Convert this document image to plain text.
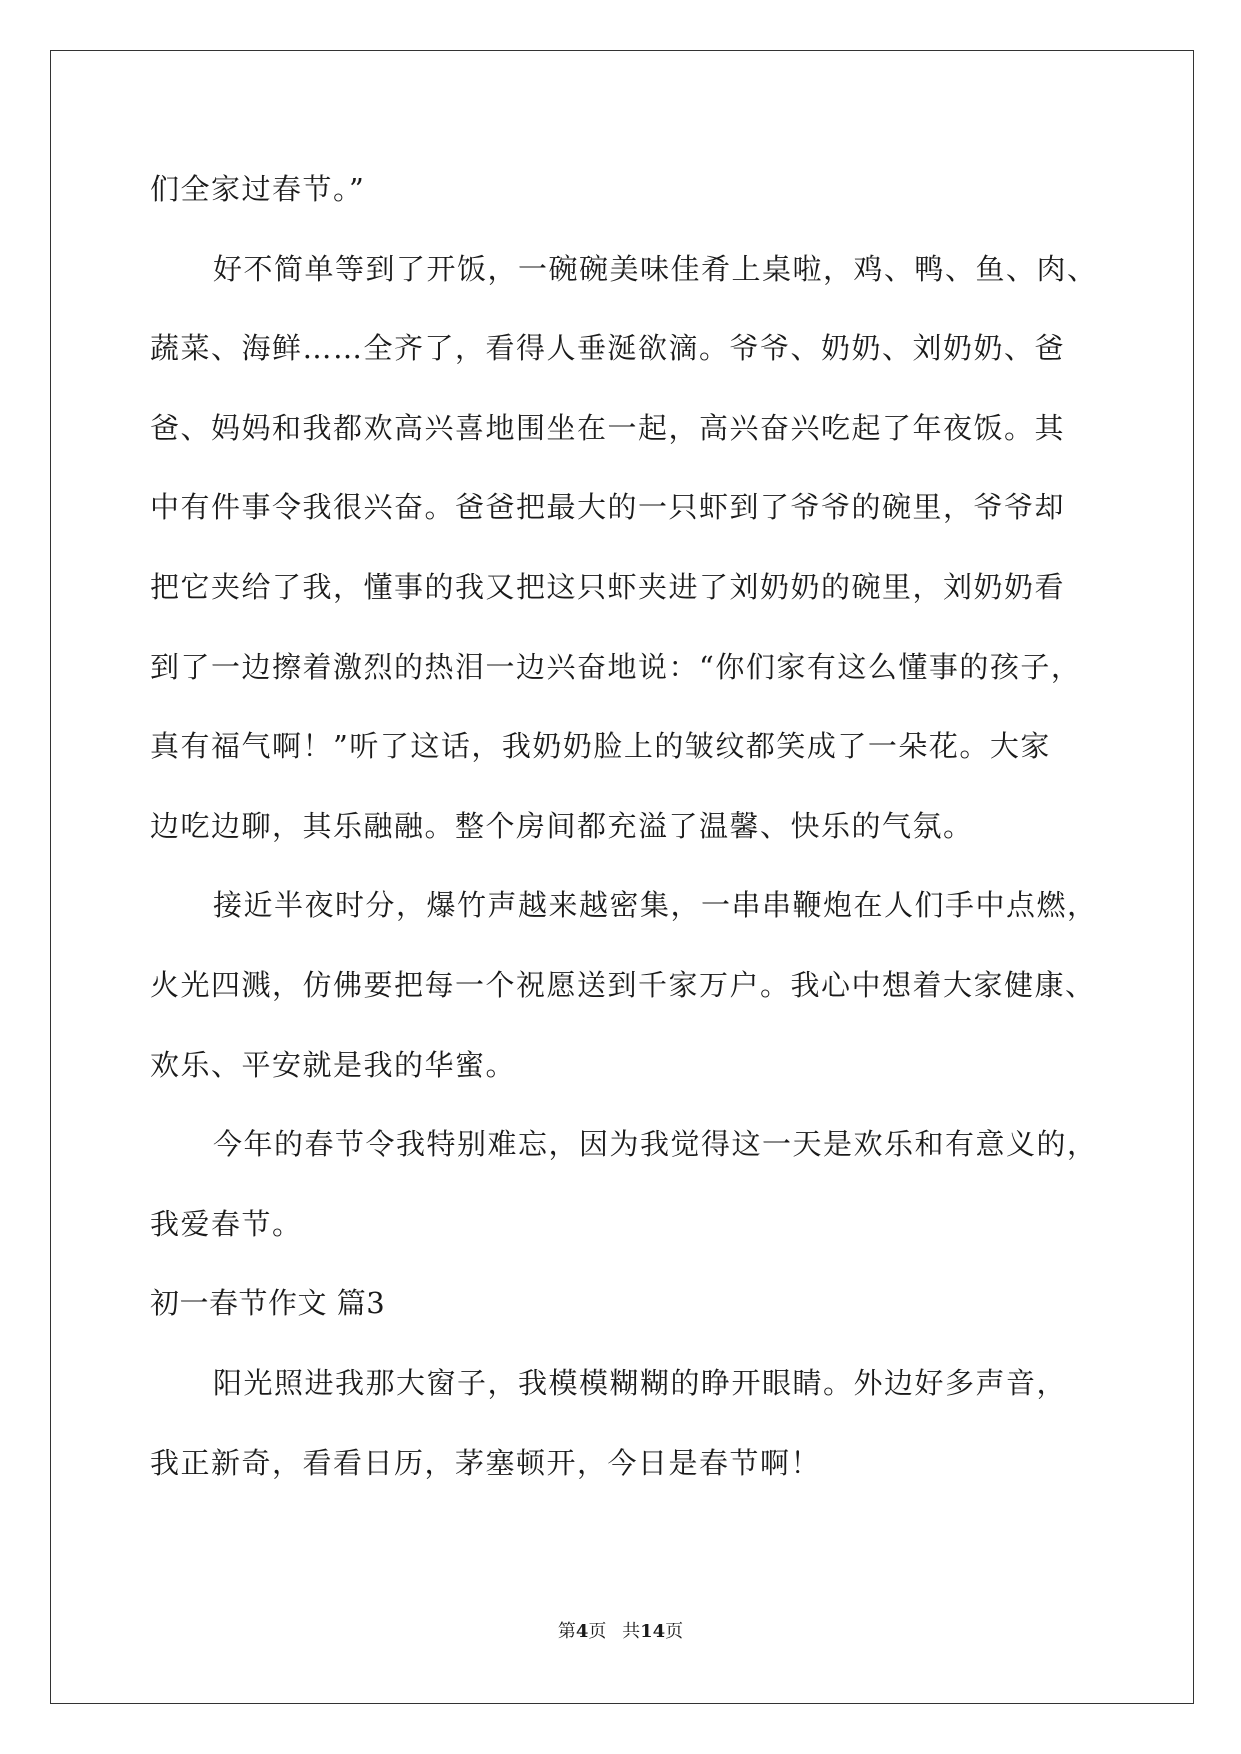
们全家过春节。”
好不简单等到了开饭，一碗碗美味佳肴上桌啦，鸡、鸭、鱼、肉、
蔬菜、海鲜……全齐了，看得人垂涎欲滴。爷爷、奶奶、刘奶奶、爸
爸、妈妈和我都欢高兴喜地围坐在一起，高兴奋兴吃起了年夜饭。其
中有件事令我很兴奋。爸爸把最大的一只虾到了爷爷的碗里，爷爷却
把它夹给了我，懂事的我又把这只虾夹进了刘奶奶的碗里，刘奶奶看
到了一边擦着激烈的热泪一边兴奋地说：“你们家有这么懂事的孩子，
真有福气啊！”听了这话，我奶奶脸上的皱纹都笑成了一朵花。大家
边吃边聊，其乐融融。整个房间都充溢了温馨、快乐的气氛。
接近半夜时分，爆竹声越来越密集，一串串鞭炮在人们手中点燃，
火光四溅，仿佛要把每一个祝愿送到千家万户。我心中想着大家健康、
欢乐、平安就是我的华蜜。
今年的春节令我特别难忘，因为我觉得这一天是欢乐和有意义的，
我爱春节。
初一春节作文 篇3
阳光照进我那大窗子，我模模糊糊的睁开眼睛。外边好多声音，
我正新奇，看看日历，茅塞顿开，今日是春节啊！
第4页 共14页
